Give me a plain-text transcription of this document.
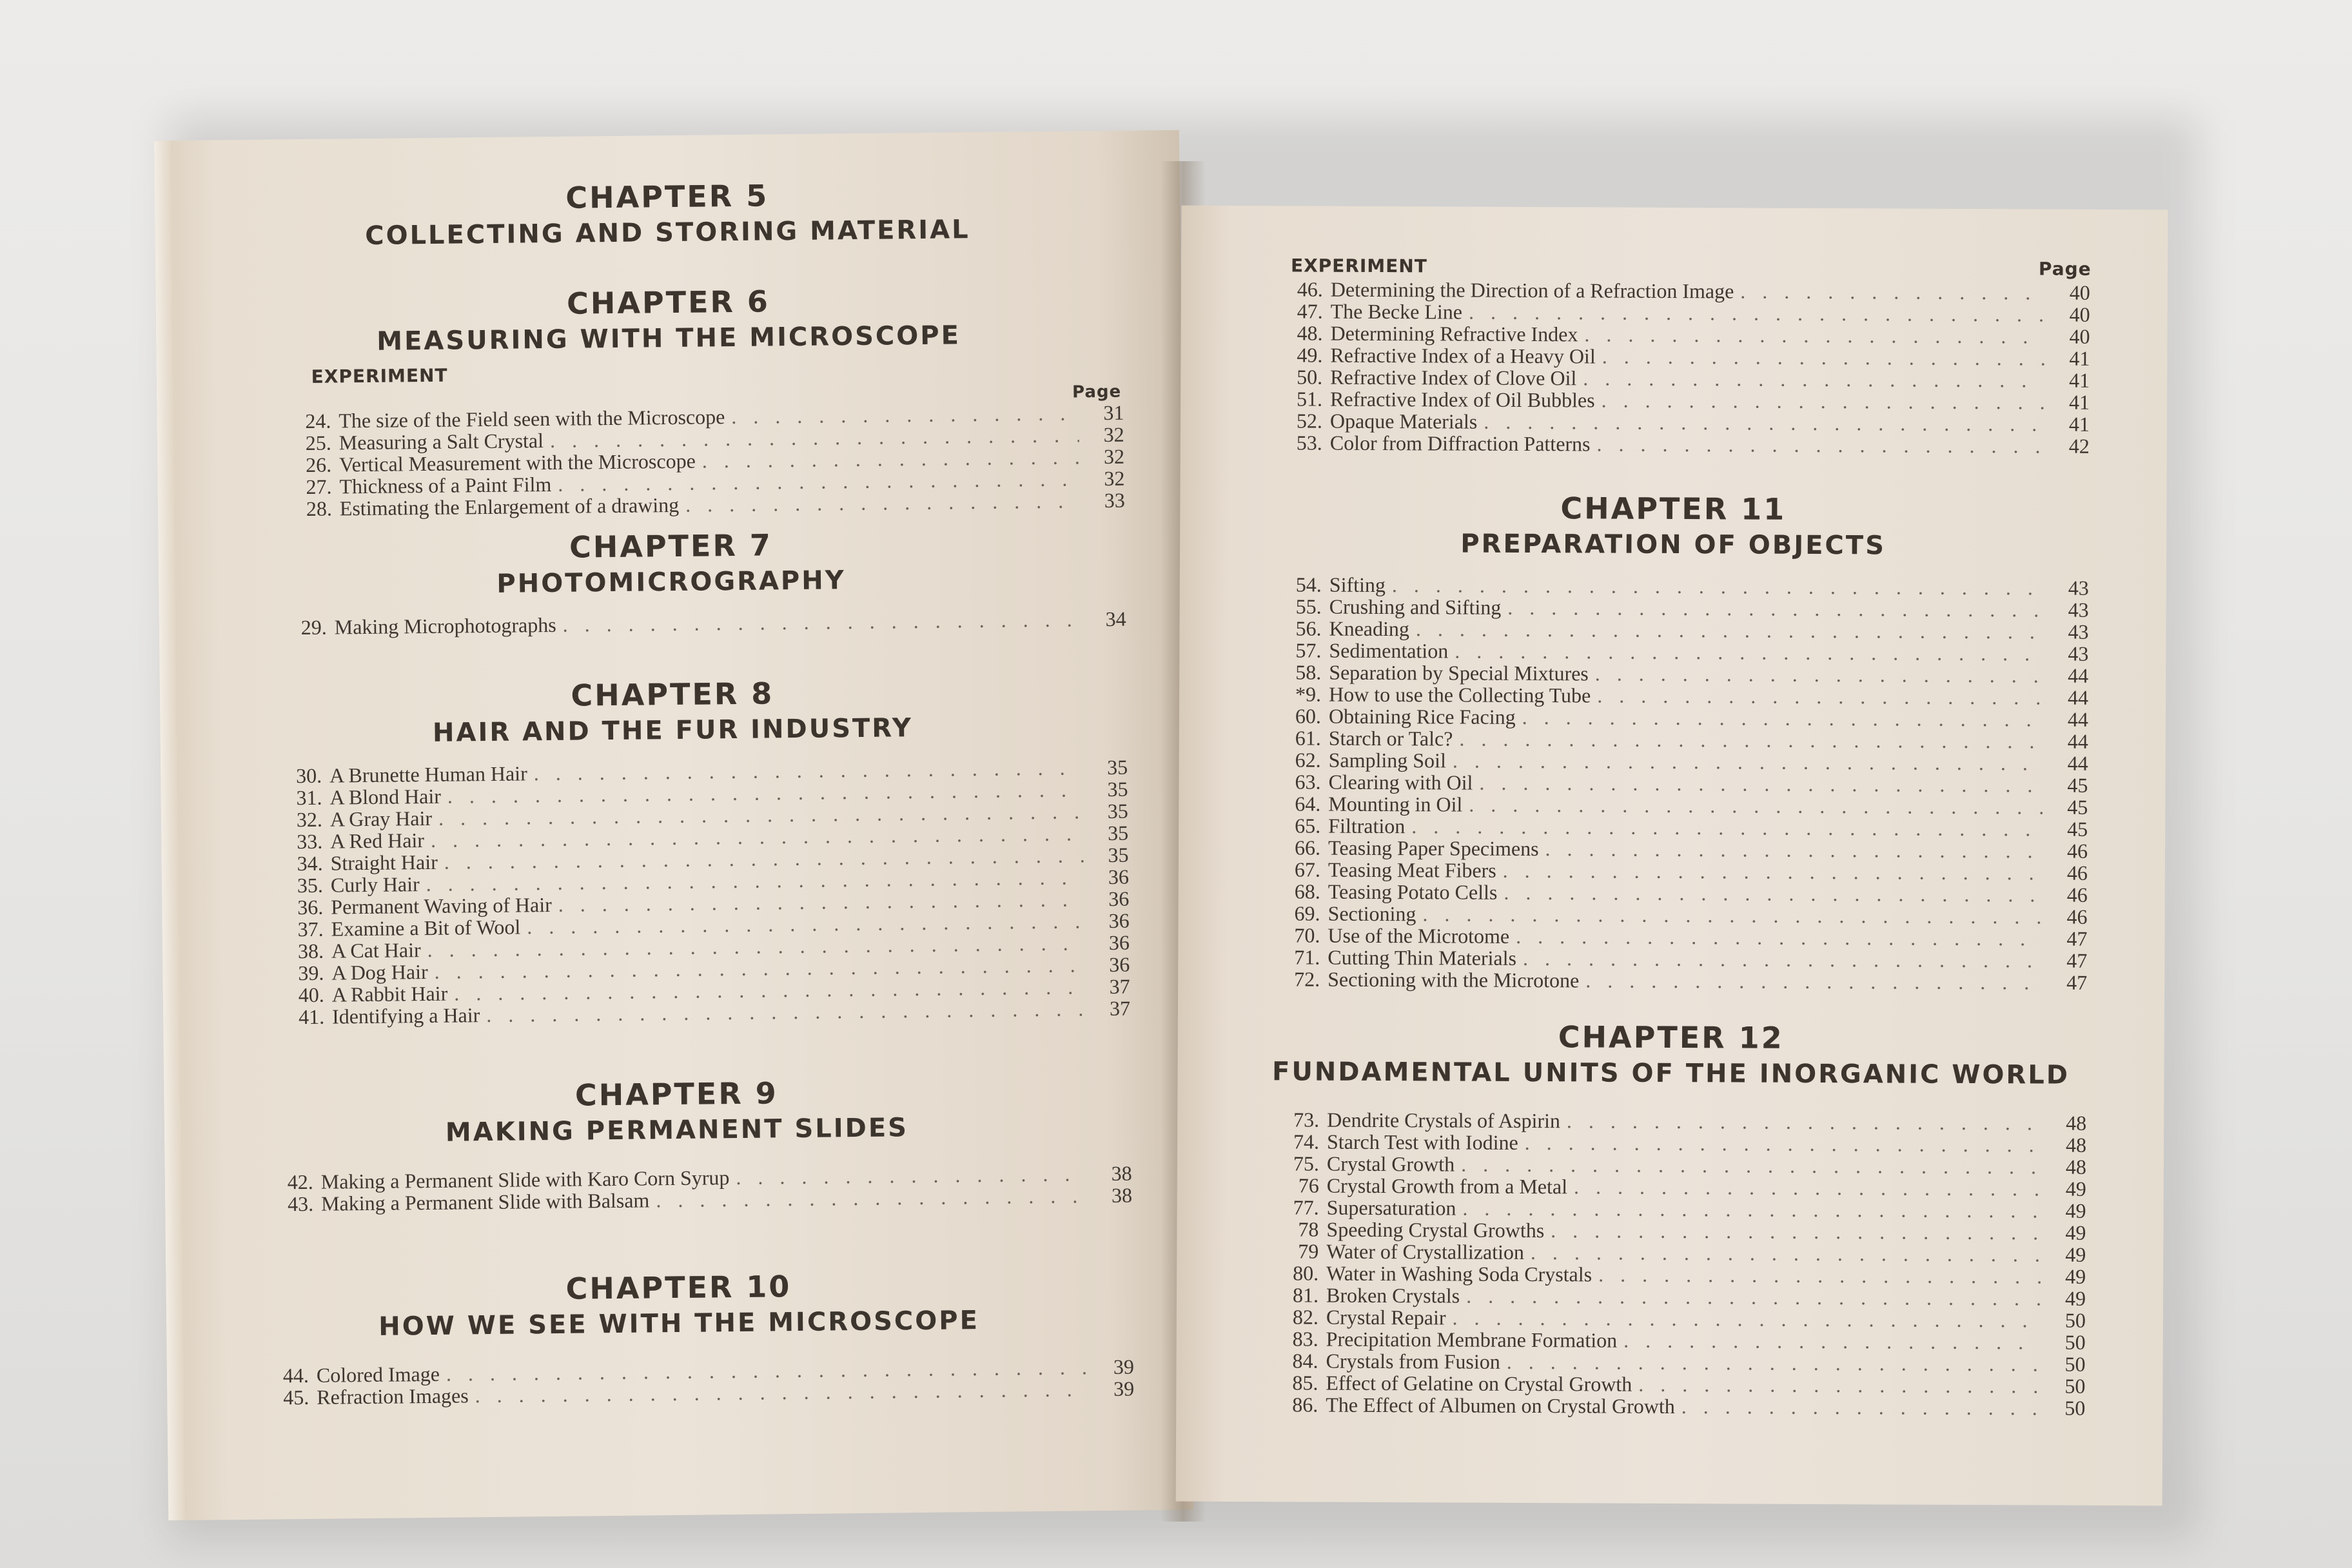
CHAPTER 5
COLLECTING AND STORING MATERIAL
CHAPTER 6
MEASURING WITH THE MICROSCOPE
EXPERIMENT
Page
24. The size of the Field seen with the Microscope . . .	31
25. Measuring a Salt Crystal . . .	32
26. Vertical Measurement with the Microscope . . .	32
27. Thickness of a Paint Film . . .	32
28. Estimating the Enlargement of a drawing . . .	33
CHAPTER 7
PHOTOMICROGRAPHY
29. Making Microphotographs . . .	34
CHAPTER 8
HAIR AND THE FUR INDUSTRY
30. A Brunette Human Hair . . .	35
31. A Blond Hair . . .	35
32. A Gray Hair . . .	35
33. A Red Hair . . .	35
34. Straight Hair . . .	35
35. Curly Hair . . .	36
36. Permanent Waving of Hair . . .	36
37. Examine a Bit of Wool . . .	36
38. A Cat Hair . . .	36
39. A Dog Hair . . .	36
40. A Rabbit Hair . . .	37
41. Identifying a Hair . . .	37
CHAPTER 9
MAKING PERMANENT SLIDES
42. Making a Permanent Slide with Karo Corn Syrup . . .	38
43. Making a Permanent Slide with Balsam . . .	38
CHAPTER 10
HOW WE SEE WITH THE MICROSCOPE
44. Colored Image . . .	39
45. Refraction Images . . .	39
EXPERIMENT	Page
46. Determining the Direction of a Refraction Image . . .	40
47. The Becke Line . . .	40
48. Determining Refractive Index . . .	40
49. Refractive Index of a Heavy Oil . . .	41
50. Refractive Index of Clove Oil . . .	41
51. Refractive Index of Oil Bubbles . . .	41
52. Opaque Materials . . .	41
53. Color from Diffraction Patterns . . .	42
CHAPTER 11
PREPARATION OF OBJECTS
54. Sifting . . .	43
55. Crushing and Sifting . . .	43
56. Kneading . . .	43
57. Sedimentation . . .	43
58. Separation by Special Mixtures . . .	44
*9. How to use the Collecting Tube . . .	44
60. Obtaining Rice Facing . . .	44
61. Starch or Talc? . . .	44
62. Sampling Soil . . .	44
63. Clearing with Oil . . .	45
64. Mounting in Oil . . .	45
65. Filtration . . .	45
66. Teasing Paper Specimens . . .	46
67. Teasing Meat Fibers . . .	46
68. Teasing Potato Cells . . .	46
69. Sectioning . . .	46
70. Use of the Microtome . . .	47
71. Cutting Thin Materials . . .	47
72. Sectioning with the Microtone . . .	47
CHAPTER 12
FUNDAMENTAL UNITS OF THE INORGANIC WORLD
73. Dendrite Crystals of Aspirin . . .	48
74. Starch Test with Iodine . . .	48
75. Crystal Growth . . .	48
76 Crystal Growth from a Metal . . .	49
77. Supersaturation . . .	49
78 Speeding Crystal Growths . . .	49
79 Water of Crystallization . . .	49
80. Water in Washing Soda Crystals . . .	49
81. Broken Crystals . . .	49
82. Crystal Repair . . .	50
83. Precipitation Membrane Formation . . .	50
84. Crystals from Fusion . . .	50
85. Effect of Gelatine on Crystal Growth . . .	50
86. The Effect of Albumen on Crystal Growth . . .	50
